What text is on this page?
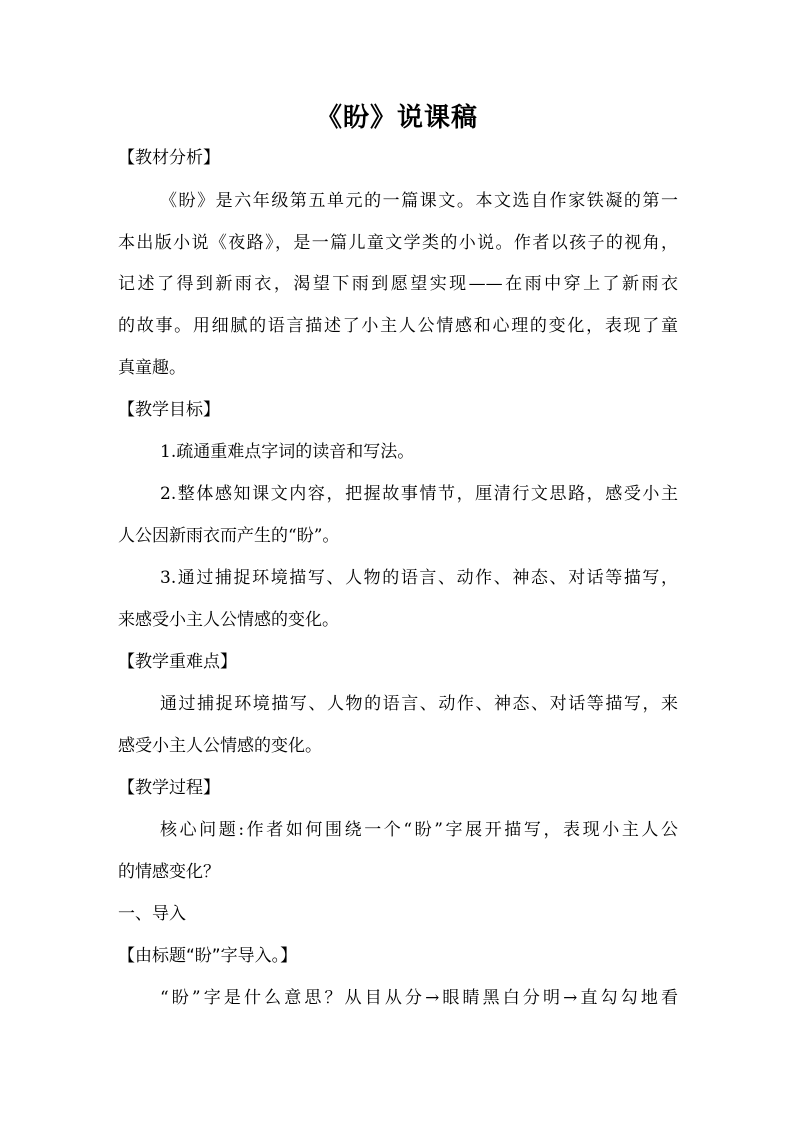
《盼》说课稿
【教材分析】
《盼》是六年级第五单元的一篇课文。本文选自作家铁凝的第一
本出版小说《夜路》，是一篇儿童文学类的小说。作者以孩子的视角，
记述了得到新雨衣，渴望下雨到愿望实现——在雨中穿上了新雨衣
的故事。用细腻的语言描述了小主人公情感和心理的变化，表现了童
真童趣。
【教学目标】
1.疏通重难点字词的读音和写法。
2.整体感知课文内容，把握故事情节，厘清行文思路，感受小主
人公因新雨衣而产生的“盼”。
3.通过捕捉环境描写、人物的语言、动作、神态、对话等描写，
来感受小主人公情感的变化。
【教学重难点】
通过捕捉环境描写、人物的语言、动作、神态、对话等描写，来
感受小主人公情感的变化。
【教学过程】
核心问题:作者如何围绕一个“盼”字展开描写，表现小主人公
的情感变化？
一、导入
【由标题“盼”字导入。】
“盼”字是什么意思？从目从分→眼睛黑白分明→直勾勾地看
